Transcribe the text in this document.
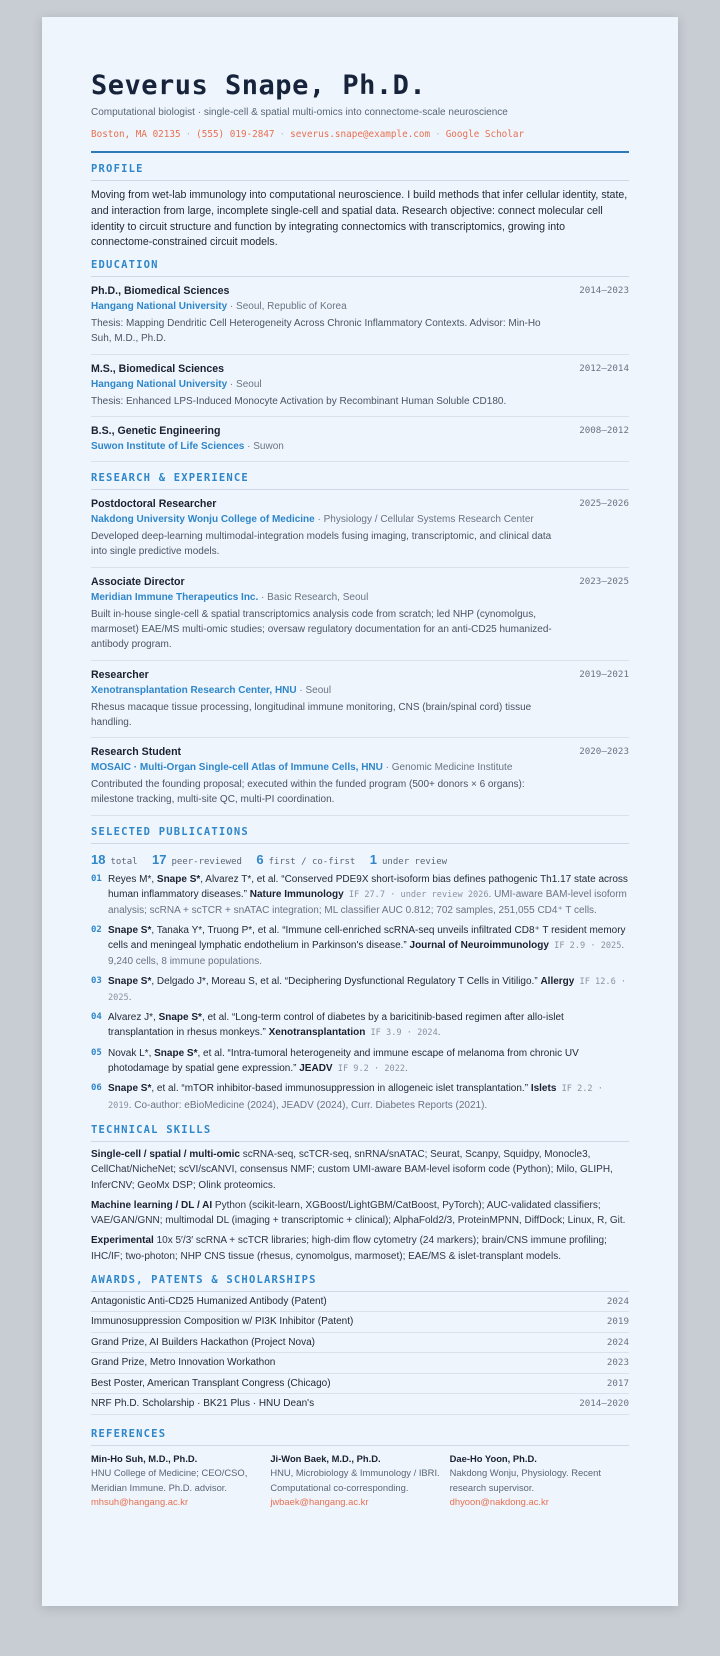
Severus Snape, Ph.D.
Computational biologist · single-cell & spatial multi-omics into connectome-scale neuroscience
Boston, MA 02135 · (555) 019-2847 · severus.snape@example.com · Google Scholar
PROFILE
Moving from wet-lab immunology into computational neuroscience. I build methods that infer cellular identity, state, and interaction from large, incomplete single-cell and spatial data. Research objective: connect molecular cell identity to circuit structure and function by integrating connectomics with transcriptomics, growing into connectome-constrained circuit models.
EDUCATION
Ph.D., Biomedical Sciences	2014–2023
Hangang National University · Seoul, Republic of Korea
Thesis: Mapping Dendritic Cell Heterogeneity Across Chronic Inflammatory Contexts. Advisor: Min-Ho Suh, M.D., Ph.D.
M.S., Biomedical Sciences	2012–2014
Hangang National University · Seoul
Thesis: Enhanced LPS-Induced Monocyte Activation by Recombinant Human Soluble CD180.
B.S., Genetic Engineering	2008–2012
Suwon Institute of Life Sciences · Suwon
RESEARCH & EXPERIENCE
Postdoctoral Researcher	2025–2026
Nakdong University Wonju College of Medicine · Physiology / Cellular Systems Research Center
Developed deep-learning multimodal-integration models fusing imaging, transcriptomic, and clinical data into single predictive models.
Associate Director	2023–2025
Meridian Immune Therapeutics Inc. · Basic Research, Seoul
Built in-house single-cell & spatial transcriptomics analysis code from scratch; led NHP (cynomolgus, marmoset) EAE/MS multi-omic studies; oversaw regulatory documentation for an anti-CD25 humanized-antibody program.
Researcher	2019–2021
Xenotransplantation Research Center, HNU · Seoul
Rhesus macaque tissue processing, longitudinal immune monitoring, CNS (brain/spinal cord) tissue handling.
Research Student	2020–2023
MOSAIC · Multi-Organ Single-cell Atlas of Immune Cells, HNU · Genomic Medicine Institute
Contributed the founding proposal; executed within the funded program (500+ donors × 6 organs): milestone tracking, multi-site QC, multi-PI coordination.
SELECTED PUBLICATIONS
18 total 17 peer-reviewed 6 first / co-first 1 under review
01 Reyes M*, Snape S*, Alvarez T*, et al. “Conserved PDE9X short-isoform bias defines pathogenic Th1.17 state across human inflammatory diseases.” Nature Immunology IF 27.7 · under review 2026. UMI-aware BAM-level isoform analysis; scRNA + scTCR + snATAC integration; ML classifier AUC 0.812; 702 samples, 251,055 CD4⁺ T cells.
02 Snape S*, Tanaka Y*, Truong P*, et al. “Immune cell-enriched scRNA-seq unveils infiltrated CD8⁺ T resident memory cells and meningeal lymphatic endothelium in Parkinson's disease.” Journal of Neuroimmunology IF 2.9 · 2025. 9,240 cells, 8 immune populations.
03 Snape S*, Delgado J*, Moreau S, et al. “Deciphering Dysfunctional Regulatory T Cells in Vitiligo.” Allergy IF 12.6 · 2025.
04 Alvarez J*, Snape S*, et al. “Long-term control of diabetes by a baricitinib-based regimen after allo-islet transplantation in rhesus monkeys.” Xenotransplantation IF 3.9 · 2024.
05 Novak L*, Snape S*, et al. “Intra-tumoral heterogeneity and immune escape of melanoma from chronic UV photodamage by spatial gene expression.” JEADV IF 9.2 · 2022.
06 Snape S*, et al. “mTOR inhibitor-based immunosuppression in allogeneic islet transplantation.” Islets IF 2.2 · 2019. Co-author: eBioMedicine (2024), JEADV (2024), Curr. Diabetes Reports (2021).
TECHNICAL SKILLS
Single-cell / spatial / multi-omic scRNA-seq, scTCR-seq, snRNA/snATAC; Seurat, Scanpy, Squidpy, Monocle3, CellChat/NicheNet; scVI/scANVI, consensus NMF; custom UMI-aware BAM-level isoform code (Python); Milo, GLIPH, InferCNV; GeoMx DSP; Olink proteomics.
Machine learning / DL / AI Python (scikit-learn, XGBoost/LightGBM/CatBoost, PyTorch); AUC-validated classifiers; VAE/GAN/GNN; multimodal DL (imaging + transcriptomic + clinical); AlphaFold2/3, ProteinMPNN, DiffDock; Linux, R, Git.
Experimental 10x 5′/3′ scRNA + scTCR libraries; high-dim flow cytometry (24 markers); brain/CNS immune profiling; IHC/IF; two-photon; NHP CNS tissue (rhesus, cynomolgus, marmoset); EAE/MS & islet-transplant models.
AWARDS, PATENTS & SCHOLARSHIPS
Antagonistic Anti-CD25 Humanized Antibody (Patent)	2024
Immunosuppression Composition w/ PI3K Inhibitor (Patent)	2019
Grand Prize, AI Builders Hackathon (Project Nova)	2024
Grand Prize, Metro Innovation Workathon	2023
Best Poster, American Transplant Congress (Chicago)	2017
NRF Ph.D. Scholarship · BK21 Plus · HNU Dean's	2014–2020
REFERENCES
Min-Ho Suh, M.D., Ph.D.
HNU College of Medicine; CEO/CSO, Meridian Immune. Ph.D. advisor.
mhsuh@hangang.ac.kr
Ji-Won Baek, M.D., Ph.D.
HNU, Microbiology & Immunology / IBRI. Computational co-corresponding.
jwbaek@hangang.ac.kr
Dae-Ho Yoon, Ph.D.
Nakdong Wonju, Physiology. Recent research supervisor.
dhyoon@nakdong.ac.kr
